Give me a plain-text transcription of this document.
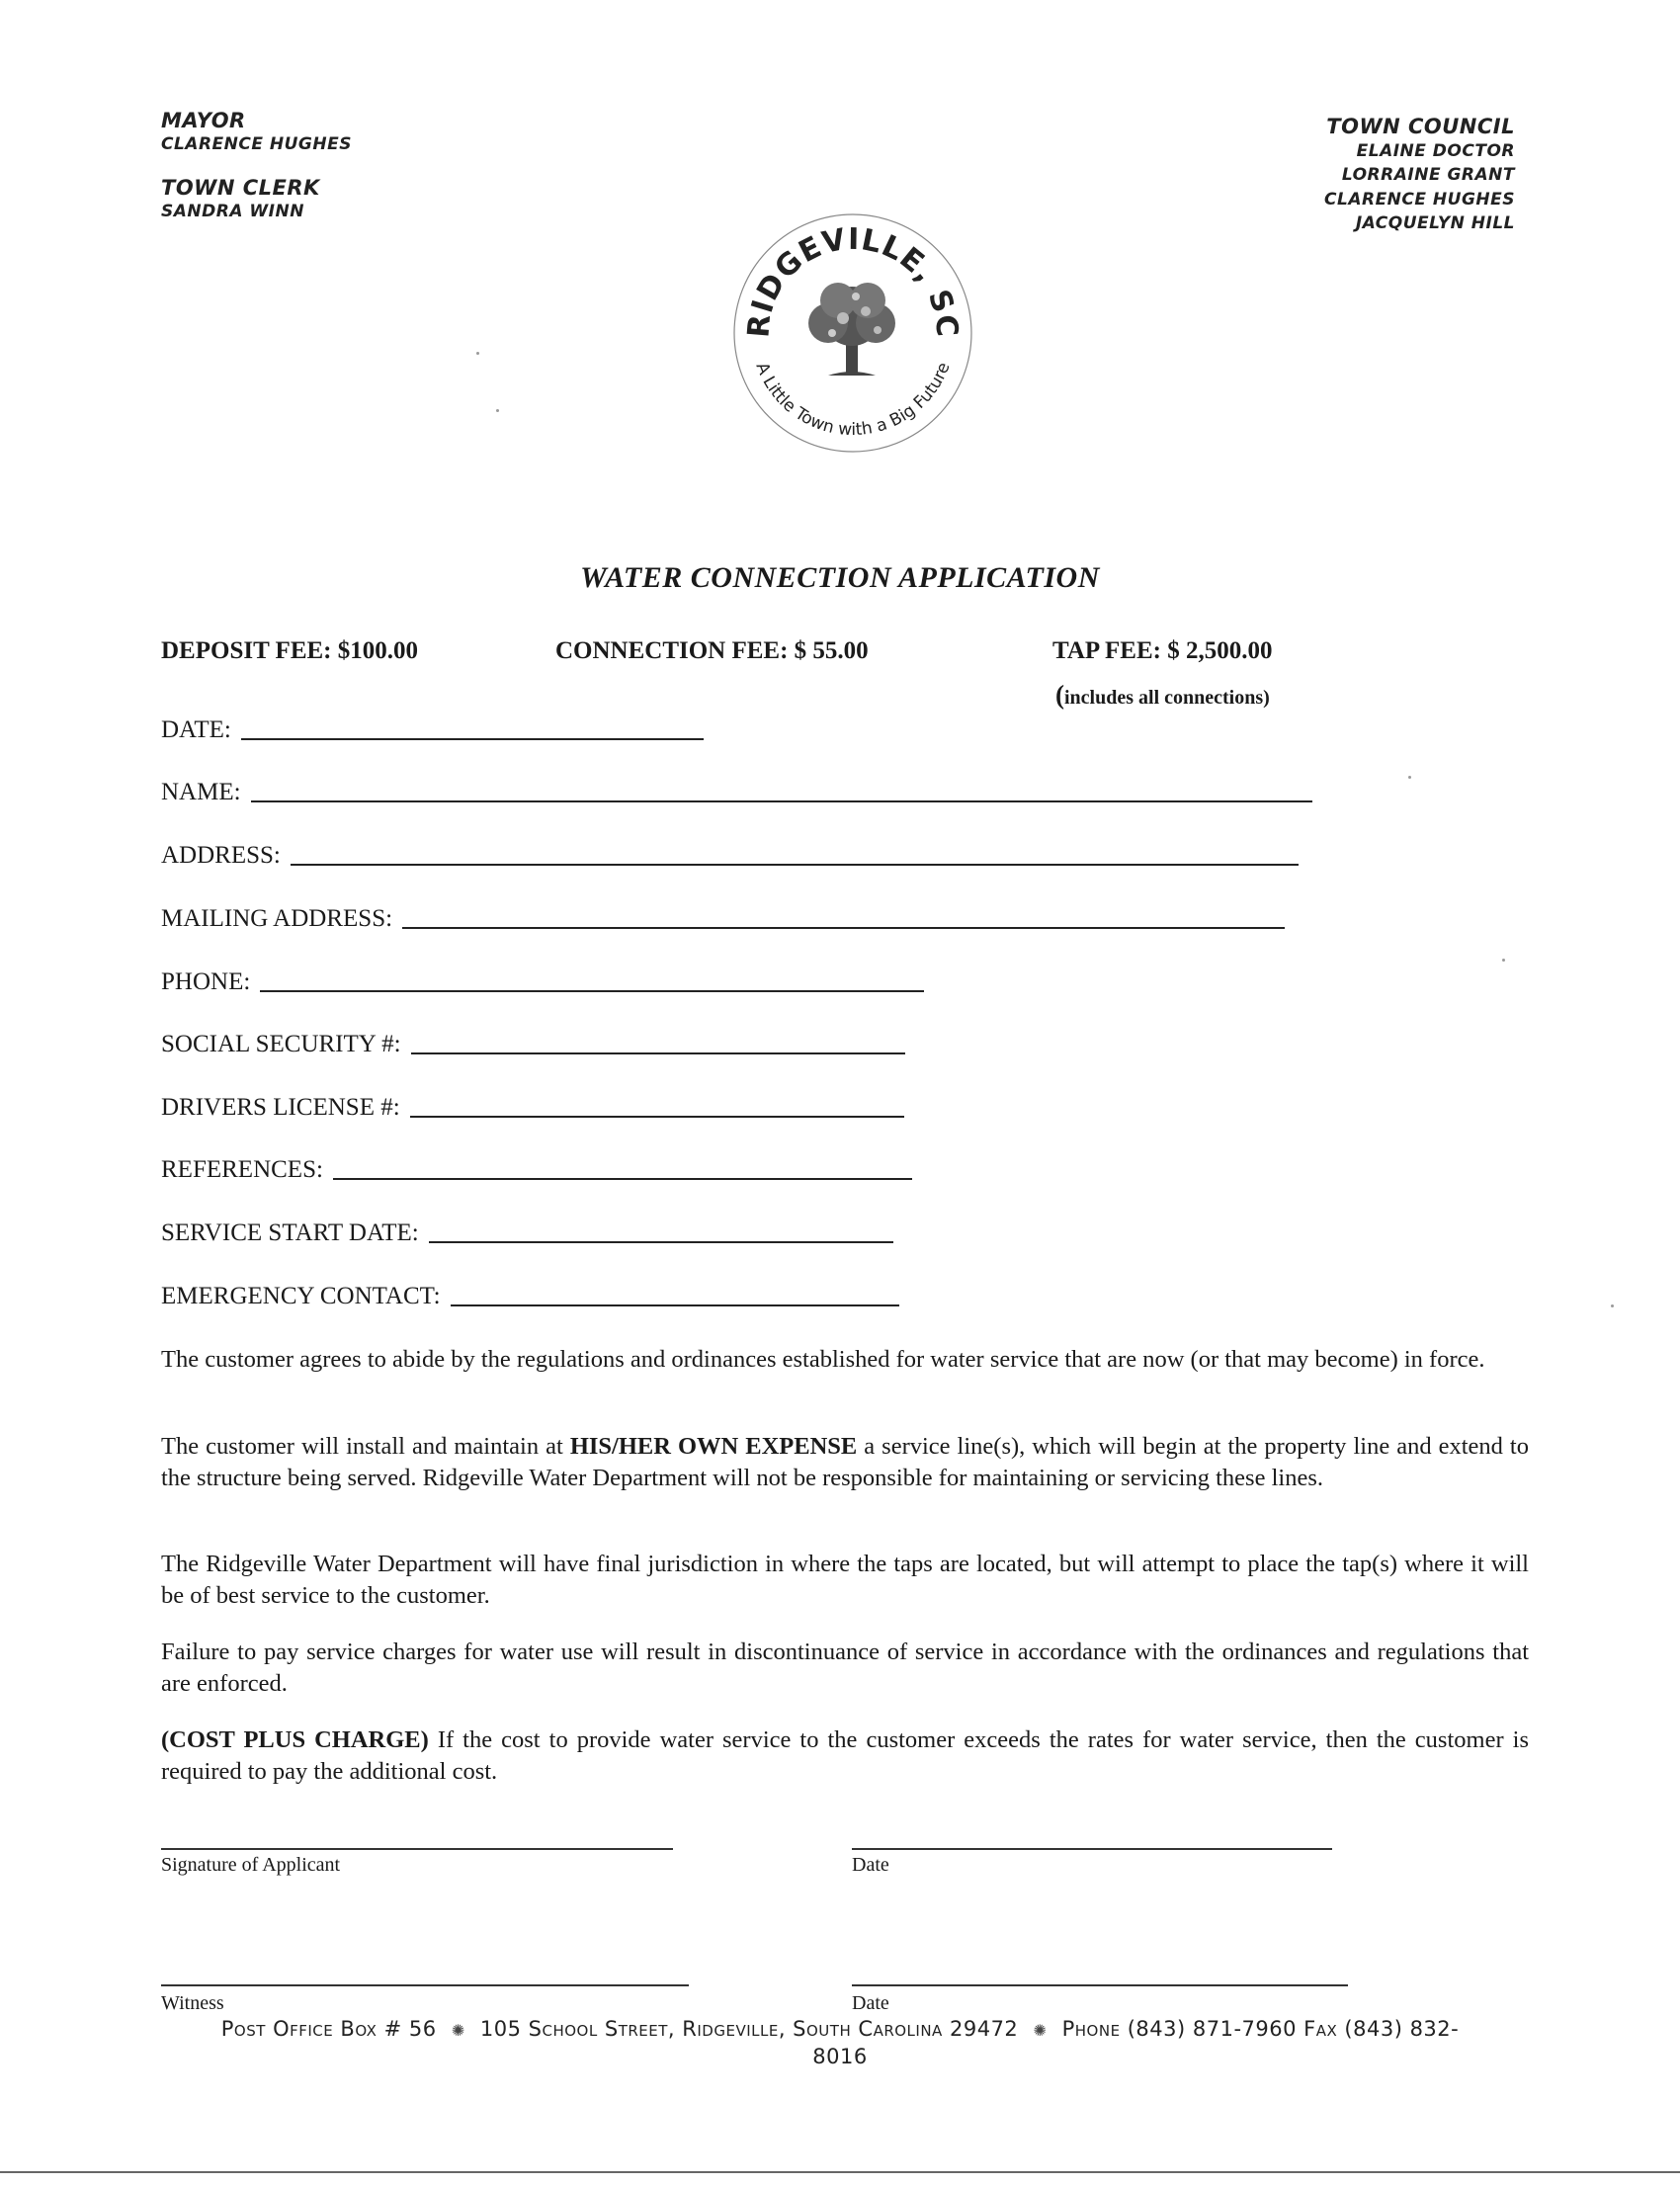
MAYOR
CLARENCE HUGHES
TOWN CLERK
SANDRA WINN
TOWN COUNCIL
ELAINE DOCTOR
LORRAINE GRANT
CLARENCE HUGHES
JACQUELYN HILL
RIDGEVILLE, SC
A Little Town with a Big Future
WATER CONNECTION APPLICATION
DEPOSIT FEE: $100.00	CONNECTION FEE: $ 55.00	TAP FEE: $ 2,500.00
(includes all connections)
DATE:
NAME:
ADDRESS:
MAILING ADDRESS:
PHONE:
SOCIAL SECURITY #:
DRIVERS LICENSE #:
REFERENCES:
SERVICE START DATE:
EMERGENCY CONTACT:
The customer agrees to abide by the regulations and ordinances established for water service that are now (or that may become) in force.
The customer will install and maintain at HIS/HER OWN EXPENSE a service line(s), which will begin at the property line and extend to the structure being served. Ridgeville Water Department will not be responsible for maintaining or servicing these lines.
The Ridgeville Water Department will have final jurisdiction in where the taps are located, but will attempt to place the tap(s) where it will be of best service to the customer.
Failure to pay service charges for water use will result in discontinuance of service in accordance with the ordinances and regulations that are enforced.
(COST PLUS CHARGE) If the cost to provide water service to the customer exceeds the rates for water service, then the customer is required to pay the additional cost.
Signature of Applicant	Date
Witness	Date
Post Office Box # 56 ✺ 105 School Street, Ridgeville, South Carolina 29472 ✺ Phone (843) 871-7960 Fax (843) 832-
8016
